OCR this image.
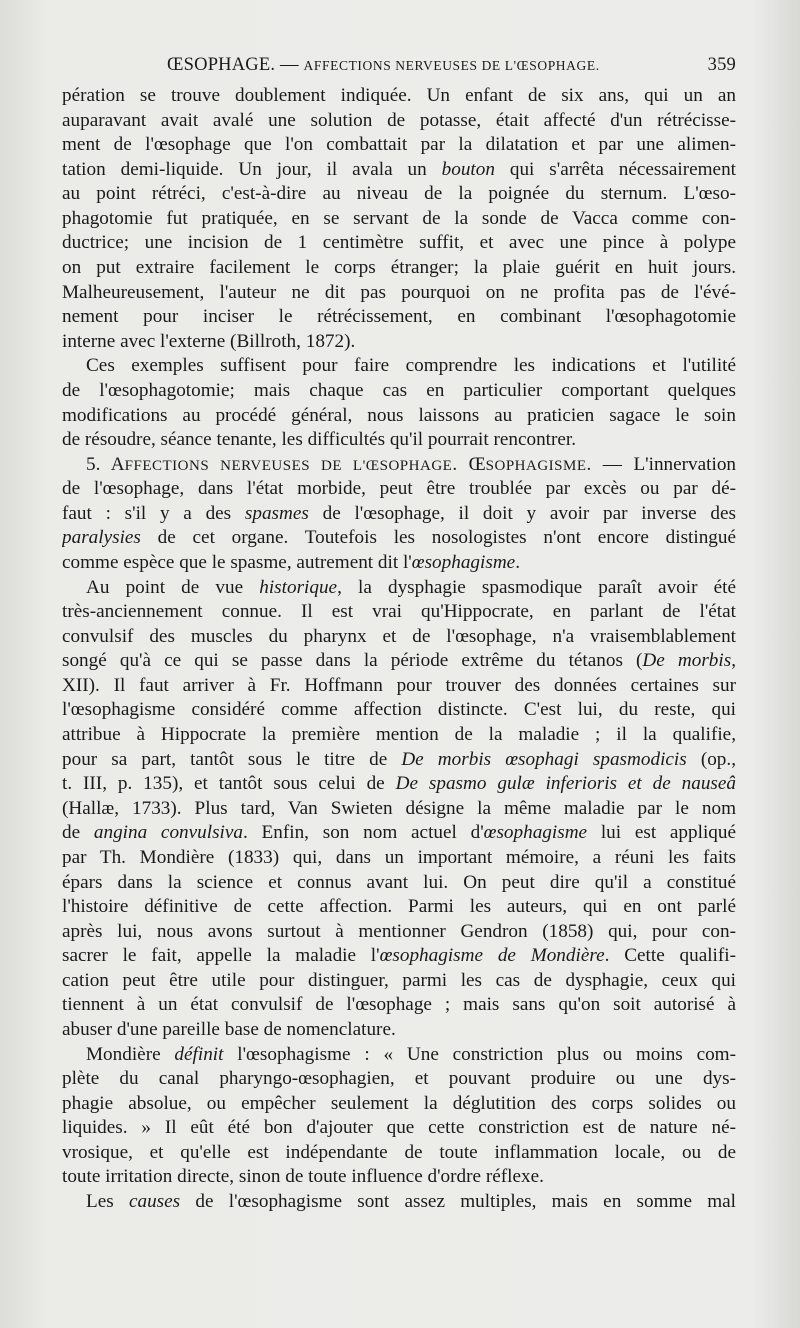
ŒSOPHAGE. — AFFECTIONS NERVEUSES DE L'ŒSOPHAGE.	359
pération se trouve doublement indiquée. Un enfant de six ans, qui un an
auparavant avait avalé une solution de potasse, était affecté d'un rétrécisse-
ment de l'œsophage que l'on combattait par la dilatation et par une alimen-
tation demi-liquide. Un jour, il avala un bouton qui s'arrêta nécessairement
au point rétréci, c'est-à-dire au niveau de la poignée du sternum. L'œso-
phagotomie fut pratiquée, en se servant de la sonde de Vacca comme con-
ductrice; une incision de 1 centimètre suffit, et avec une pince à polype
on put extraire facilement le corps étranger; la plaie guérit en huit jours.
Malheureusement, l'auteur ne dit pas pourquoi on ne profita pas de l'évé-
nement pour inciser le rétrécissement, en combinant l'œsophagotomie
interne avec l'externe (Billroth, 1872).
Ces exemples suffisent pour faire comprendre les indications et l'utilité
de l'œsophagotomie; mais chaque cas en particulier comportant quelques
modifications au procédé général, nous laissons au praticien sagace le soin
de résoudre, séance tenante, les difficultés qu'il pourrait rencontrer.
5. AFFECTIONS NERVEUSES DE L'ŒSOPHAGE. ŒSOPHAGISME. — L'innervation
de l'œsophage, dans l'état morbide, peut être troublée par excès ou par dé-
faut : s'il y a des spasmes de l'œsophage, il doit y avoir par inverse des
paralysies de cet organe. Toutefois les nosologistes n'ont encore distingué
comme espèce que le spasme, autrement dit l'œsophagisme.
Au point de vue historique, la dysphagie spasmodique paraît avoir été
très-anciennement connue. Il est vrai qu'Hippocrate, en parlant de l'état
convulsif des muscles du pharynx et de l'œsophage, n'a vraisemblablement
songé qu'à ce qui se passe dans la période extrême du tétanos (De morbis,
XII). Il faut arriver à Fr. Hoffmann pour trouver des données certaines sur
l'œsophagisme considéré comme affection distincte. C'est lui, du reste, qui
attribue à Hippocrate la première mention de la maladie ; il la qualifie,
pour sa part, tantôt sous le titre de De morbis œsophagi spasmodicis (op.,
t. III, p. 135), et tantôt sous celui de De spasmo gulæ inferioris et de nauseâ
(Hallæ, 1733). Plus tard, Van Swieten désigne la même maladie par le nom
de angina convulsiva. Enfin, son nom actuel d'œsophagisme lui est appliqué
par Th. Mondière (1833) qui, dans un important mémoire, a réuni les faits
épars dans la science et connus avant lui. On peut dire qu'il a constitué
l'histoire définitive de cette affection. Parmi les auteurs, qui en ont parlé
après lui, nous avons surtout à mentionner Gendron (1858) qui, pour con-
sacrer le fait, appelle la maladie l'œsophagisme de Mondière. Cette qualifi-
cation peut être utile pour distinguer, parmi les cas de dysphagie, ceux qui
tiennent à un état convulsif de l'œsophage ; mais sans qu'on soit autorisé à
abuser d'une pareille base de nomenclature.
Mondière définit l'œsophagisme : « Une constriction plus ou moins com-
plète du canal pharyngo-œsophagien, et pouvant produire ou une dys-
phagie absolue, ou empêcher seulement la déglutition des corps solides ou
liquides. » Il eût été bon d'ajouter que cette constriction est de nature né-
vrosique, et qu'elle est indépendante de toute inflammation locale, ou de
toute irritation directe, sinon de toute influence d'ordre réflexe.
Les causes de l'œsophagisme sont assez multiples, mais en somme mal
